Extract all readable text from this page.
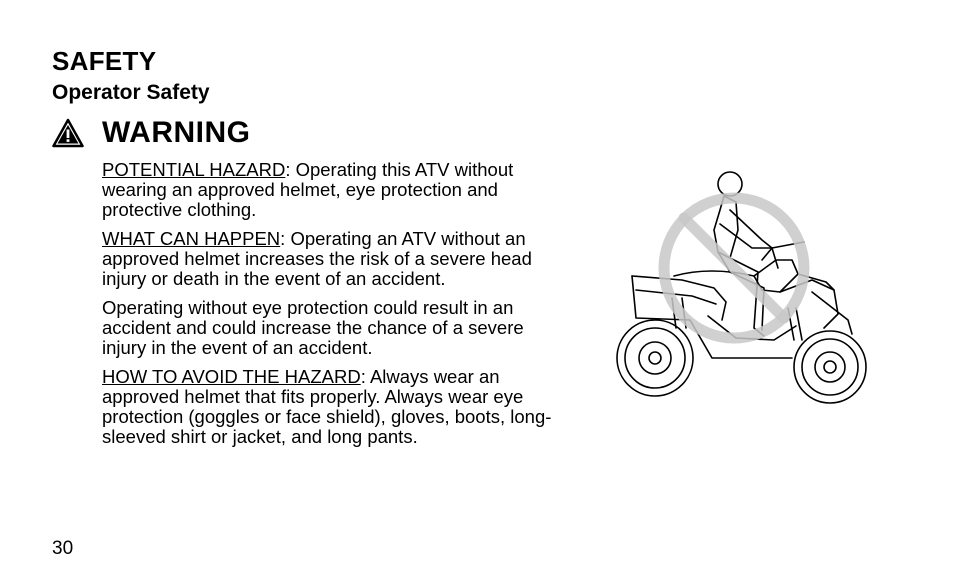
SAFETY
Operator Safety
WARNING

POTENTIAL HAZARD: Operating this ATV without wearing an approved helmet, eye protection and protective clothing.

WHAT CAN HAPPEN: Operating an ATV without an approved helmet increases the risk of a severe head injury or death in the event of an accident.

Operating without eye protection could result in an accident and could increase the chance of a severe injury in the event of an accident.

HOW TO AVOID THE HAZARD: Always wear an approved helmet that fits properly. Always wear eye protection (goggles or face shield), gloves, boots, long-sleeved shirt or jacket, and long pants.

30
